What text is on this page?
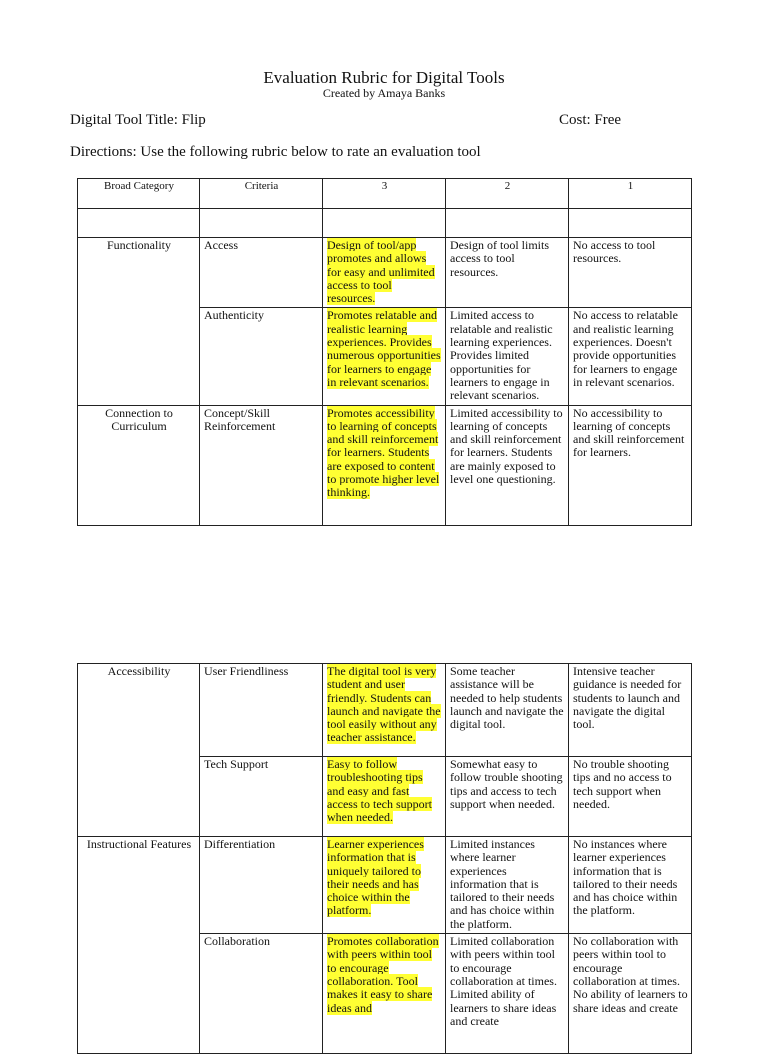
Evaluation Rubric for Digital Tools
Created by Amaya Banks
Digital Tool Title: Flip	Cost: Free
Directions: Use the following rubric below to rate an evaluation tool
Broad Category	Criteria	3	2	1

Functionality	Access	Design of tool/app promotes and allows for easy and unlimited access to tool resources.	Design of tool limits access to tool resources.	No access to tool resources.
	Authenticity	Promotes relatable and realistic learning experiences. Provides numerous opportunities for learners to engage in relevant scenarios.	Limited access to relatable and realistic learning experiences. Provides limited opportunities for learners to engage in relevant scenarios.	No access to relatable and realistic learning experiences. Doesn't provide opportunities for learners to engage in relevant scenarios.
Connection to Curriculum	Concept/Skill Reinforcement	Promotes accessibility to learning of concepts and skill reinforcement for learners. Students are exposed to content to promote higher level thinking.	Limited accessibility to learning of concepts and skill reinforcement for learners. Students are mainly exposed to level one questioning.	No accessibility to learning of concepts and skill reinforcement for learners.
Accessibility	User Friendliness	The digital tool is very student and user friendly. Students can launch and navigate the tool easily without any teacher assistance.	Some teacher assistance will be needed to help students launch and navigate the digital tool.	Intensive teacher guidance is needed for students to launch and navigate the digital tool.
	Tech Support	Easy to follow troubleshooting tips and easy and fast access to tech support when needed.	Somewhat easy to follow trouble shooting tips and access to tech support when needed.	No trouble shooting tips and no access to tech support when needed.
Instructional Features	Differentiation	Learner experiences information that is uniquely tailored to their needs and has choice within the platform.	Limited instances where learner experiences information that is tailored to their needs and has choice within the platform.	No instances where learner experiences information that is tailored to their needs and has choice within the platform.
	Collaboration	Promotes collaboration with peers within tool to encourage collaboration. Tool makes it easy to share ideas and	Limited collaboration with peers within tool to encourage collaboration at times. Limited ability of learners to share ideas and create	No collaboration with peers within tool to encourage collaboration at times. No ability of learners to share ideas and create
